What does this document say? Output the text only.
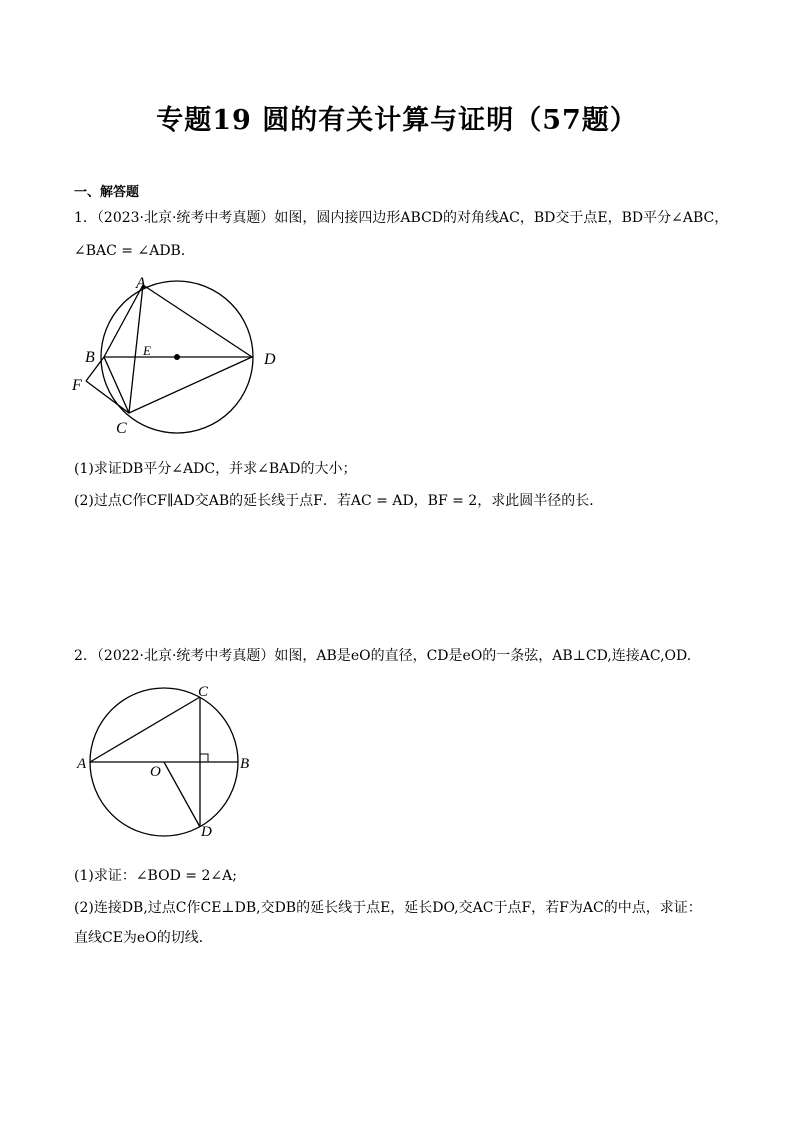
专题19 圆的有关计算与证明（57题）
一、解答题
1．（2023·北京·统考中考真题）如图，圆内接四边形ABCD的对角线AC，BD交于点E，BD平分∠ABC，
∠BAC = ∠ADB．
A
B	E
D
F
C
(1)求证DB平分∠ADC，并求∠BAD的大小；
(2)过点C作CF∥AD交AB的延长线于点F．若AC = AD，BF = 2，求此圆半径的长．
2．（2022·北京·统考中考真题）如图，AB是eO的直径，CD是eO的一条弦，AB⊥CD,连接AC,OD.
C
A	B
O
D
(1)求证：∠BOD = 2∠A;
(2)连接DB,过点C作CE⊥DB,交DB的延长线于点E，延长DO,交AC于点F，若F为AC的中点，求证：
直线CE为eO的切线．
